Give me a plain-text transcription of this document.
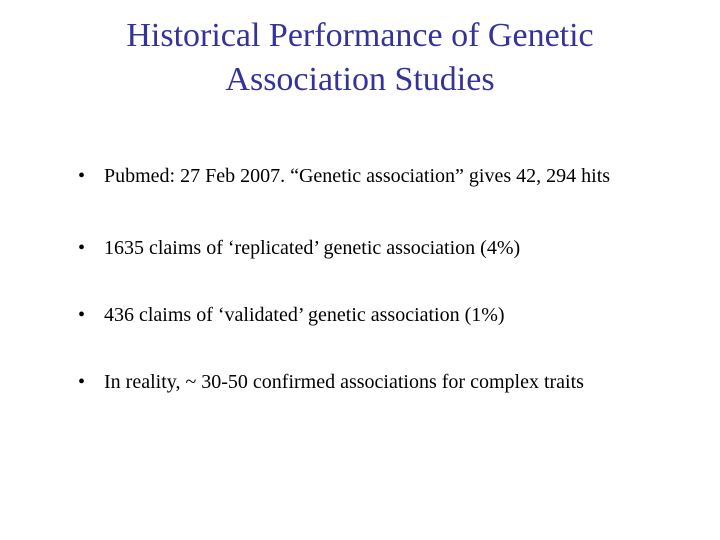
Historical Performance of Genetic
Association Studies
• Pubmed: 27 Feb 2007. “Genetic association” gives 42, 294 hits
• 1635 claims of ‘replicated’ genetic association (4%)
• 436 claims of ‘validated’ genetic association (1%)
• In reality, ~ 30-50 confirmed associations for complex traits
